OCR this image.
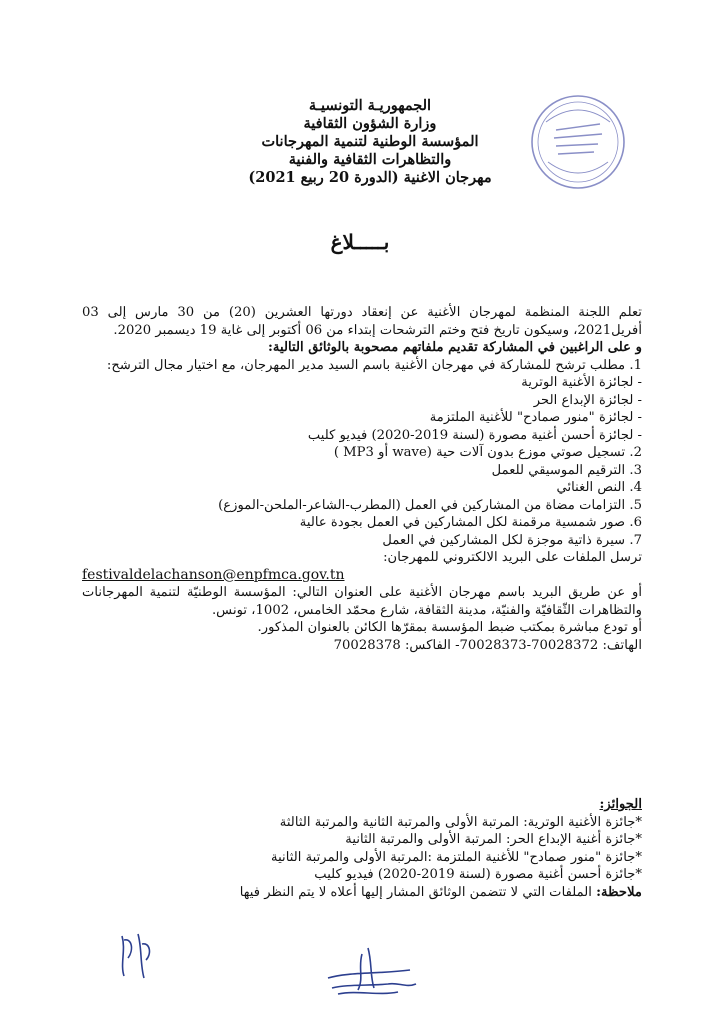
الجمهوريـة التونسيـة
وزارة الشؤون الثقافية
المؤسسة الوطنية لتنمية المهرجانات
والتظاهرات الثقافية والفنية
مهرجان الاغنية (الدورة 20 ربيع 2021)
بـــــلاغ

تعلم اللجنة المنظمة لمهرجان الأغنية عن إنعقاد دورتها العشرين (20) من 30 مارس إلى 03 أفريل2021، وسيكون تاريخ فتح وختم الترشحات إبتداء من 06 أكتوبر إلى غاية 19 ديسمبر 2020.

و على الراغبين في المشاركة تقديم ملفاتهم مصحوبة بالوثائق التالية:

1. مطلب ترشح للمشاركة في مهرجان الأغنية باسم السيد مدير المهرجان، مع اختيار مجال الترشح:

- لجائزة الأغنية الوترية

- لجائزة الإبداع الحر

- لجائزة "منور صمادح" للأغنية الملتزمة

- لجائزة أحسن أغنية مصورة (لسنة 2019-2020) فيديو كليب

2. تسجيل صوتي موزع بدون آلات حية (wave أو MP3 )

3. الترقيم الموسيقي للعمل

4. النص الغنائي

5. التزامات مضاة من المشاركين في العمل (المطرب-الشاعر-الملحن-الموزع)

6. صور شمسية مرقمنة لكل المشاركين في العمل بجودة عالية

7. سيرة ذاتية موجزة لكل المشاركين في العمل

ترسل الملفات على البريد الالكتروني للمهرجان:

festivaldelachanson@enpfmca.gov.tn

أو عن طريق البريد باسم مهرجان الأغنية على العنوان التالي: المؤسسة الوطنيّة لتنمية المهرجانات والتظاهرات الثّقافيّة والفنيّة، مدينة الثقافة، شارع محمّد الخامس، 1002، تونس.

أو تودع مباشرة بمكتب ضبط المؤسسة بمقرّها الكائن بالعنوان المذكور.

الهاتف: 70028372-70028373- الفاكس: 70028378

الجوائز:

*جائزة الأغنية الوترية: المرتبة الأولى والمرتبة الثانية والمرتبة الثالثة

*جائزة أغنية الإبداع الحر: المرتبة الأولى والمرتبة الثانية

*جائزة "منور صمادح" للأغنية الملتزمة :المرتبة الأولى والمرتبة الثانية

*جائزة أحسن أغنية مصورة (لسنة 2019-2020) فيديو كليب

ملاحظة: الملفات التي لا تتضمن الوثائق المشار إليها أعلاه لا يتم النظر فيها
